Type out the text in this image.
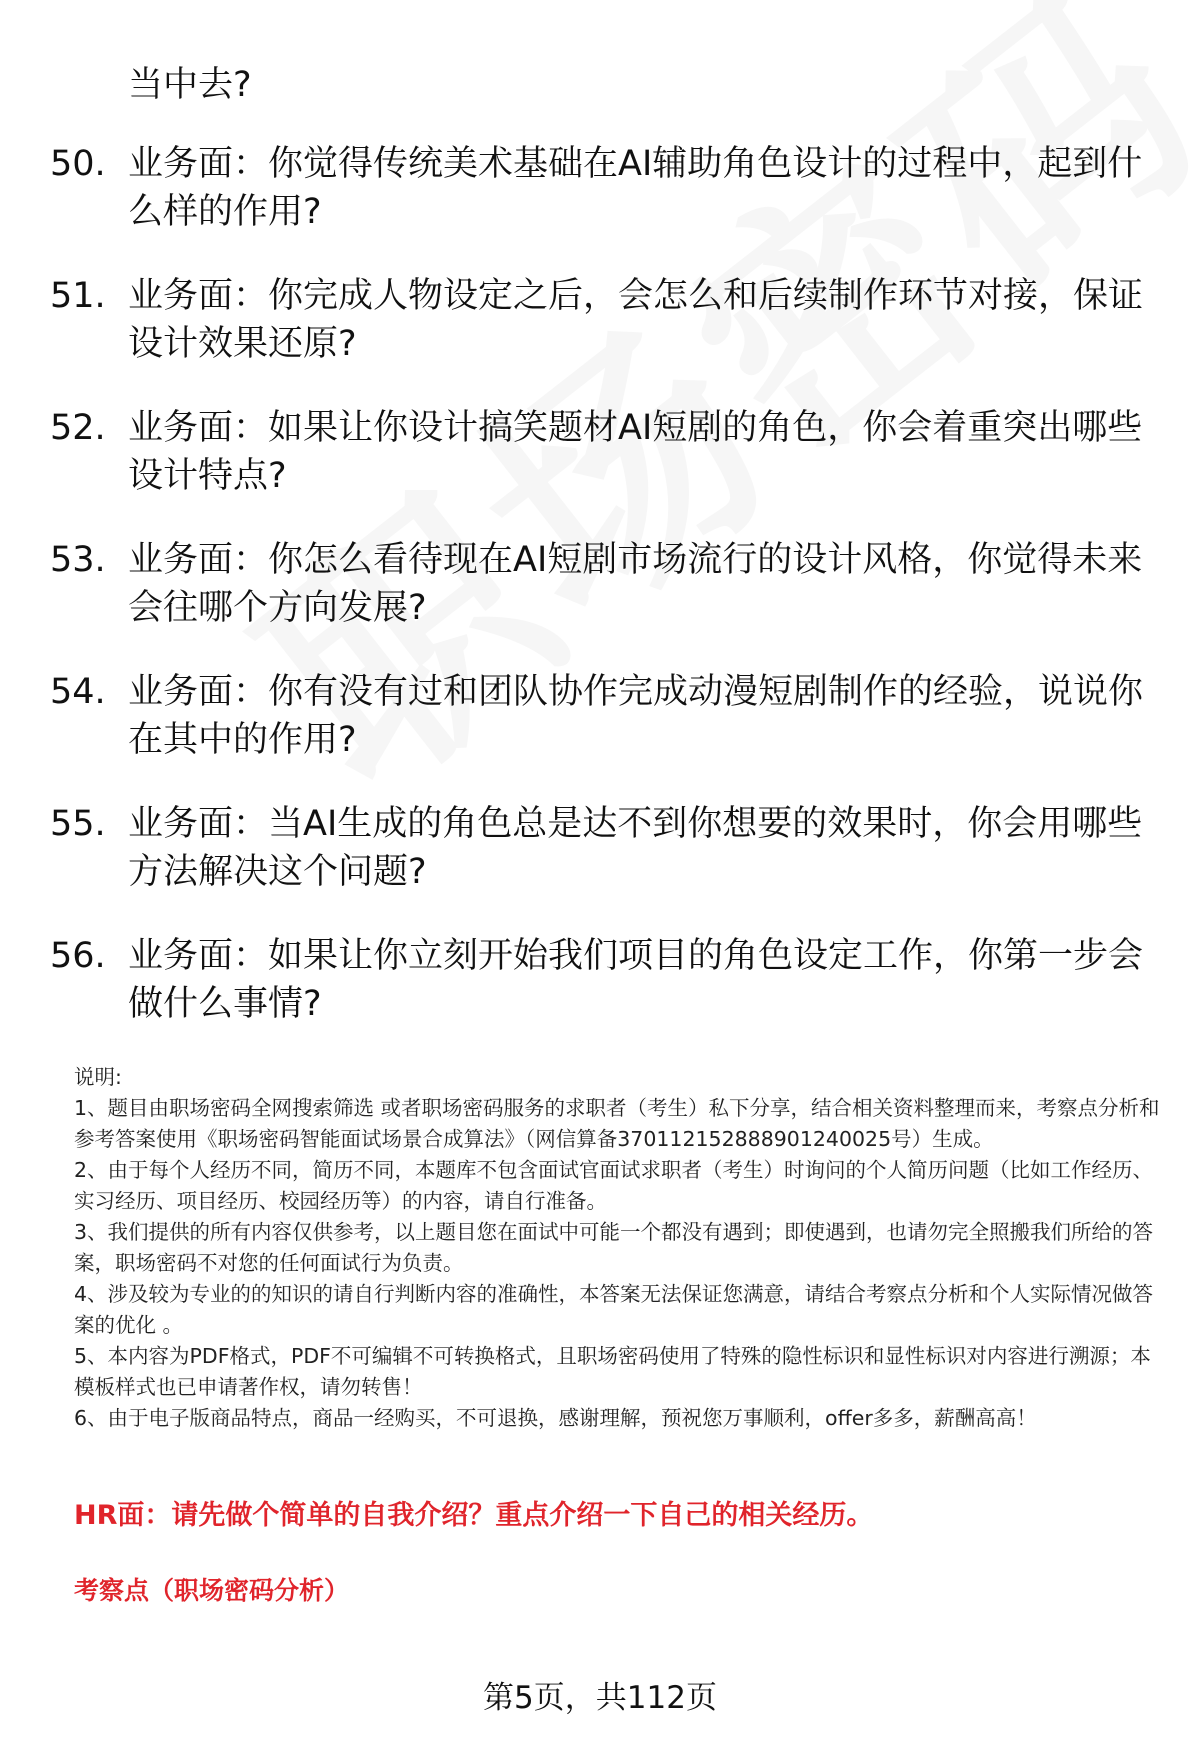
当中去?
50. 业务面：你觉得传统美术基础在AI辅助角色设计的过程中，起到什么样的作用?
51. 业务面：你完成人物设定之后，会怎么和后续制作环节对接，保证设计效果还原?
52. 业务面：如果让你设计搞笑题材AI短剧的角色，你会着重突出哪些设计特点?
53. 业务面：你怎么看待现在AI短剧市场流行的设计风格，你觉得未来会往哪个方向发展?
54. 业务面：你有没有过和团队协作完成动漫短剧制作的经验，说说你在其中的作用?
55. 业务面：当AI生成的角色总是达不到你想要的效果时，你会用哪些方法解决这个问题?
56. 业务面：如果让你立刻开始我们项目的角色设定工作，你第一步会做什么事情?

说明:

1、题目由职场密码全网搜索筛选 或者职场密码服务的求职者（考生）私下分享，结合相关资料整理而来，考察点分析和参考答案使用《职场密码智能面试场景合成算法》（网信算备370112152888901240025号）生成。

2、由于每个人经历不同，简历不同，本题库不包含面试官面试求职者（考生）时询问的个人简历问题（比如工作经历、实习经历、项目经历、校园经历等）的内容，请自行准备。

3、我们提供的所有内容仅供参考，以上题目您在面试中可能一个都没有遇到；即使遇到，也请勿完全照搬我们所给的答案，职场密码不对您的任何面试行为负责。

4、涉及较为专业的的知识的请自行判断内容的准确性，本答案无法保证您满意，请结合考察点分析和个人实际情况做答案的优化 。

5、本内容为PDF格式，PDF不可编辑不可转换格式，且职场密码使用了特殊的隐性标识和显性标识对内容进行溯源；本模板样式也已申请著作权，请勿转售！

6、由于电子版商品特点，商品一经购买，不可退换，感谢理解，预祝您万事顺利，offer多多，薪酬高高！

HR面：请先做个简单的自我介绍？重点介绍一下自己的相关经历。
考察点（职场密码分析）
第5页，共112页
